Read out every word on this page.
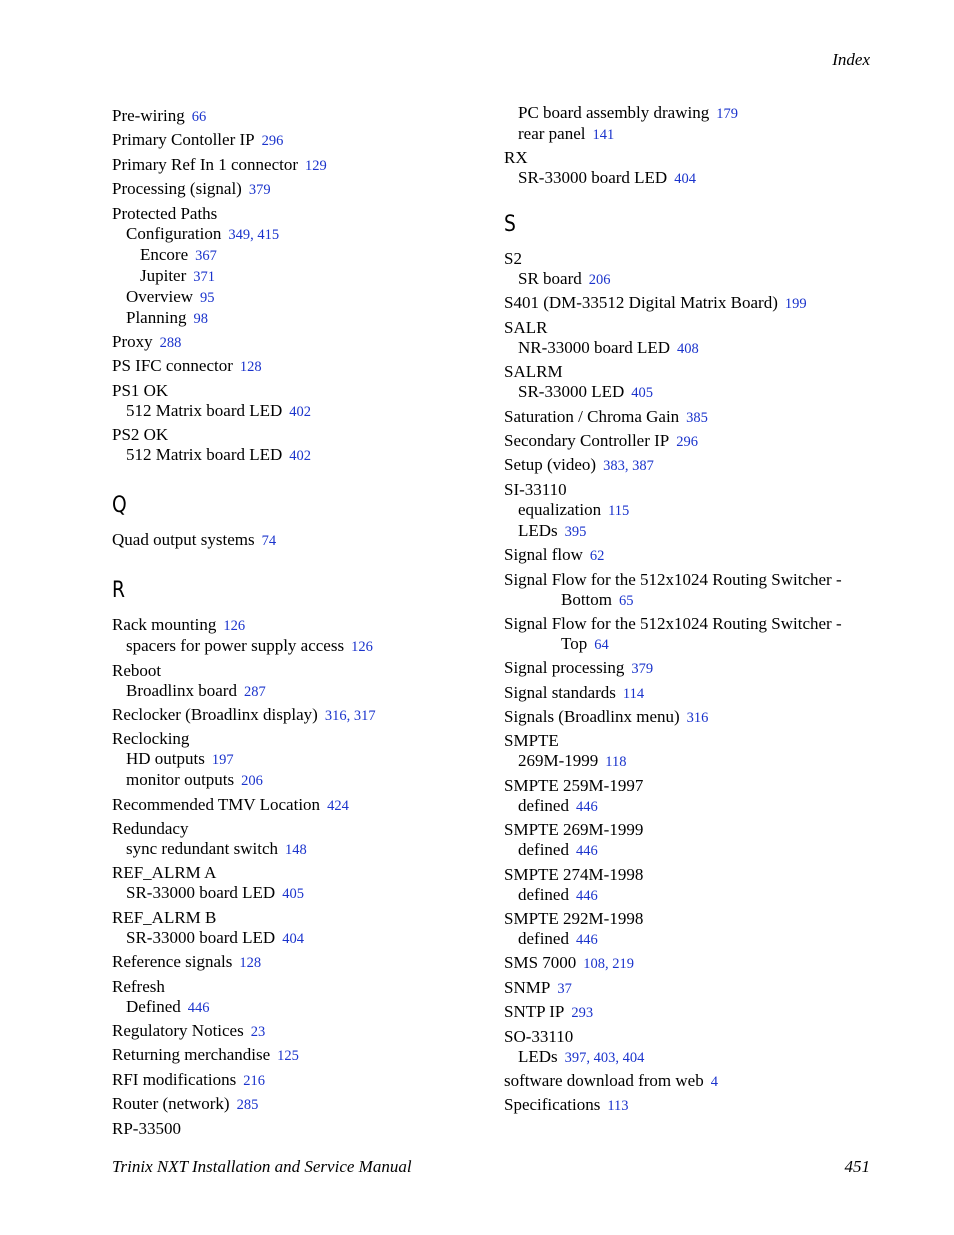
Index
Pre-wiring 66
Primary Contoller IP 296
Primary Ref In 1 connector 129
Processing (signal) 379
Protected Paths
Configuration 349, 415
Encore 367
Jupiter 371
Overview 95
Planning 98
Proxy 288
PS IFC connector 128
PS1 OK
512 Matrix board LED 402
PS2 OK
512 Matrix board LED 402
Q
Quad output systems 74
R
Rack mounting 126
spacers for power supply access 126
Reboot
Broadlinx board 287
Reclocker (Broadlinx display) 316, 317
Reclocking
HD outputs 197
monitor outputs 206
Recommended TMV Location 424
Redundacy
sync redundant switch 148
REF_ALRM A
SR-33000 board LED 405
REF_ALRM B
SR-33000 board LED 404
Reference signals 128
Refresh
Defined 446
Regulatory Notices 23
Returning merchandise 125
RFI modifications 216
Router (network) 285
RP-33500
PC board assembly drawing 179
rear panel 141
RX
SR-33000 board LED 404
S
S2
SR board 206
S401 (DM-33512 Digital Matrix Board) 199
SALR
NR-33000 board LED 408
SALRM
SR-33000 LED 405
Saturation / Chroma Gain 385
Secondary Controller IP 296
Setup (video) 383, 387
SI-33110
equalization 115
LEDs 395
Signal flow 62
Signal Flow for the 512x1024 Routing Switcher -
Bottom 65
Signal Flow for the 512x1024 Routing Switcher -
Top 64
Signal processing 379
Signal standards 114
Signals (Broadlinx menu) 316
SMPTE
269M-1999 118
SMPTE 259M-1997
defined 446
SMPTE 269M-1999
defined 446
SMPTE 274M-1998
defined 446
SMPTE 292M-1998
defined 446
SMS 7000 108, 219
SNMP 37
SNTP IP 293
SO-33110
LEDs 397, 403, 404
software download from web 4
Specifications 113
Trinix NXT Installation and Service Manual	451
